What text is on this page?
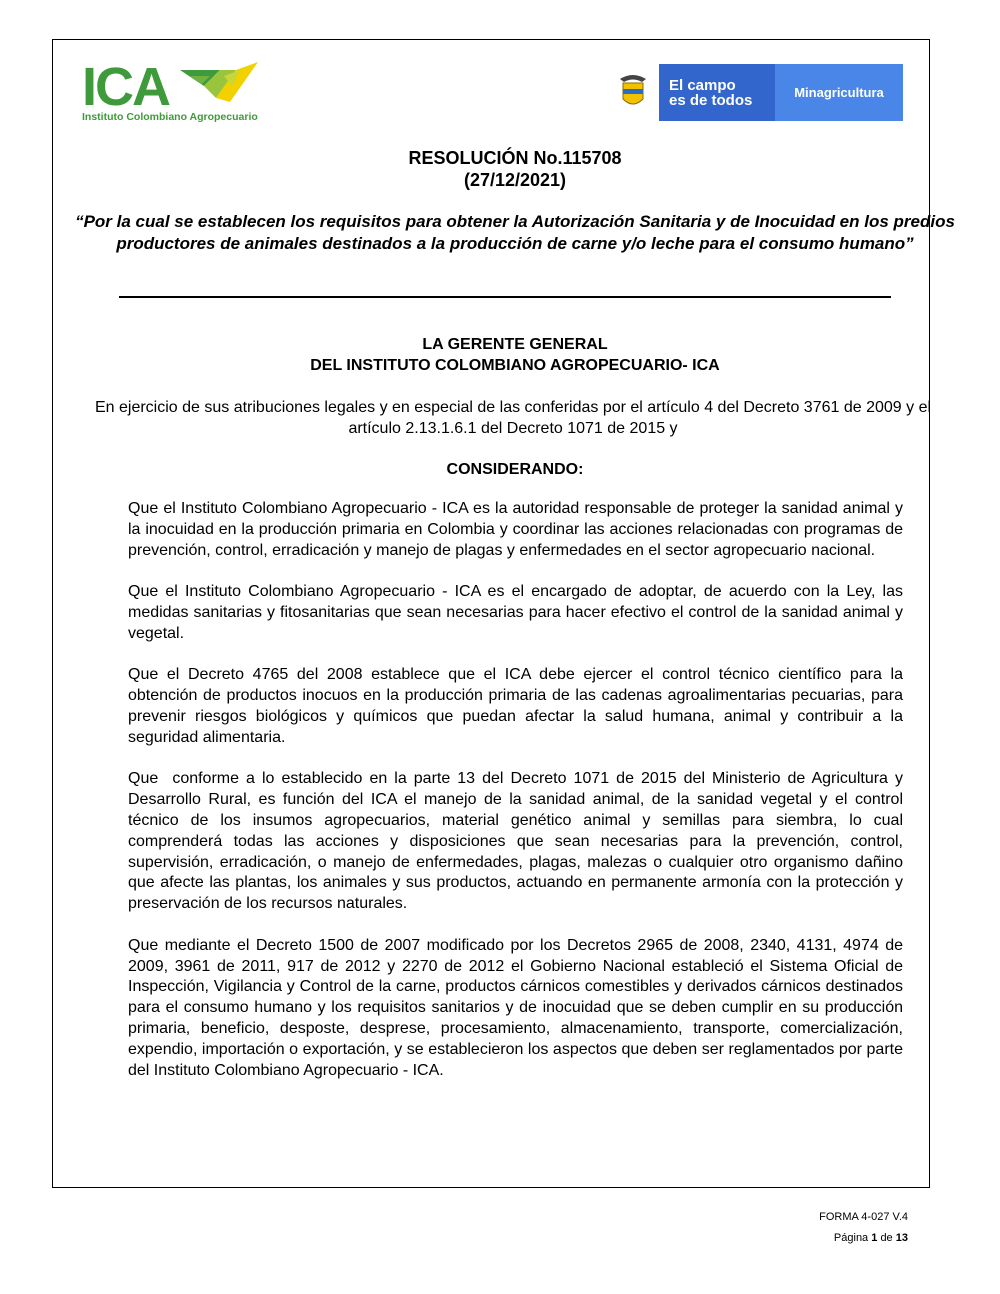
ICA
Instituto Colombiano Agropecuario
El campo
es de todos	Minagricultura
RESOLUCIÓN No.115708
(27/12/2021)
“Por la cual se establecen los requisitos para obtener la Autorización Sanitaria y de Inocuidad en los predios productores de animales destinados a la producción de carne y/o leche para el consumo humano”
LA GERENTE GENERAL
DEL INSTITUTO COLOMBIANO AGROPECUARIO- ICA
En ejercicio de sus atribuciones legales y en especial de las conferidas por el artículo 4 del Decreto 3761 de 2009 y el artículo 2.13.1.6.1 del Decreto 1071 de 2015 y
CONSIDERANDO:

Que el Instituto Colombiano Agropecuario - ICA es la autoridad responsable de proteger la sanidad animal y la inocuidad en la producción primaria en Colombia y coordinar las acciones relacionadas con programas de prevención, control, erradicación y manejo de plagas y enfermedades en el sector agropecuario nacional.

Que el Instituto Colombiano Agropecuario - ICA es el encargado de adoptar, de acuerdo con la Ley, las medidas sanitarias y fitosanitarias que sean necesarias para hacer efectivo el control de la sanidad animal y vegetal.

Que el Decreto 4765 del 2008 establece que el ICA debe ejercer el control técnico científico para la obtención de productos inocuos en la producción primaria de las cadenas agroalimentarias pecuarias, para prevenir riesgos biológicos y químicos que puedan afectar la salud humana, animal y contribuir a la seguridad alimentaria.

Que  conforme a lo establecido en la parte 13 del Decreto 1071 de 2015 del Ministerio de Agricultura y Desarrollo Rural, es función del ICA el manejo de la sanidad animal, de la sanidad vegetal y el control técnico de los insumos agropecuarios, material genético animal y semillas para siembra, lo cual comprenderá todas las acciones y disposiciones que sean necesarias para la prevención, control, supervisión, erradicación, o manejo de enfermedades, plagas, malezas o cualquier otro organismo dañino que afecte las plantas, los animales y sus productos, actuando en permanente armonía con la protección y preservación de los recursos naturales.

Que mediante el Decreto 1500 de 2007 modificado por los Decretos 2965 de 2008, 2340, 4131, 4974 de 2009, 3961 de 2011, 917 de 2012 y 2270 de 2012 el Gobierno Nacional estableció el Sistema Oficial de Inspección, Vigilancia y Control de la carne, productos cárnicos comestibles y derivados cárnicos destinados para el consumo humano y los requisitos sanitarios y de inocuidad que se deben cumplir en su producción primaria, beneficio, desposte, desprese, procesamiento, almacenamiento, transporte, comercialización, expendio, importación o exportación, y se establecieron los aspectos que deben ser reglamentados por parte del Instituto Colombiano Agropecuario - ICA.

FORMA 4-027 V.4
Página 1 de 13
